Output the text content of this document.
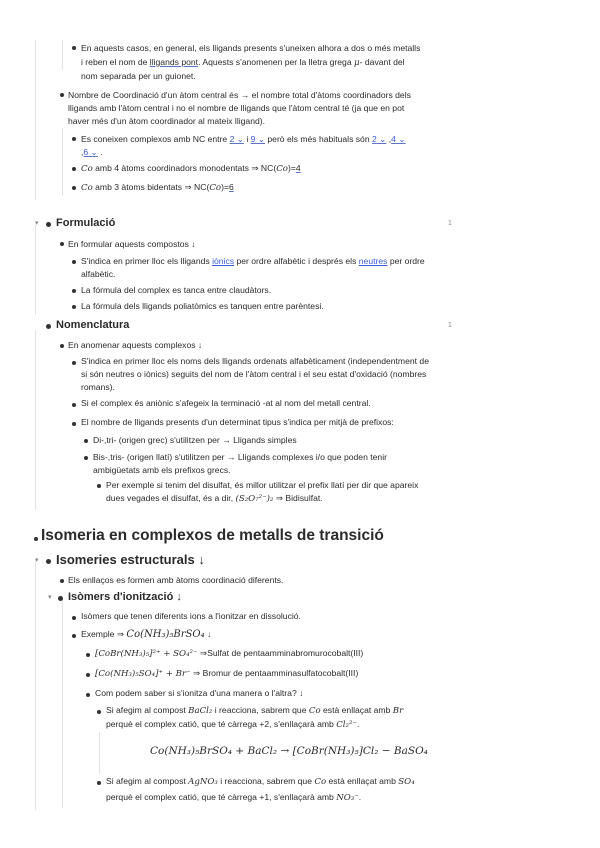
En aquests casos, en general, els lligands presents s'uneixen alhora a dos o més metalls
i reben el nom de lligands pont. Aquests s'anomenen per la lletra grega μ- davant del
nom separada per un guionet.
Nombre de Coordinació d'un àtom central és → el nombre total d'àtoms coordinadors dels
lligands amb l'àtom central i no el nombre de lligands que l'àtom central té (ja que en pot
haver més d'un àtom coordinador al mateix lligand).
Es coneixen complexos amb NC entre 2 ⌄ i 9 ⌄ però els més habituals són 2 ⌄ ,4 ⌄
,6 ⌄ .
Co amb 4 àtoms coordinadors monodentats ⇒ NC(Co)=4
Co amb 3 àtoms bidentats ⇒ NC(Co)=6
▾ Formulació	1
En formular aquests compostos ↓
S'indica en primer lloc els lligands iònics per ordre alfabètic i després els neutres per ordre
alfabètic.
La fórmula del complex es tanca entre claudàtors.
La fórmula dels lligands poliatòmics es tanquen entre parèntesi.
Nomenclatura	1
En anomenar aquests complexos ↓
S'indica en primer lloc els noms dels lligands ordenats alfabèticament (independentment de
si són neutres o iònics) seguits del nom de l'àtom central i el seu estat d'oxidació (nombres
romans).
Si el complex és aniònic s'afegeix la terminació -at al nom del metall central.
El nombre de lligands presents d'un determinat tipus s'indica per mitjà de prefixos:
Di-,tri- (origen grec) s'utilitzen per → Lligands simples
Bis-,tris- (origen llatí) s'utilitzen per → Lligands complexes i/o que poden tenir
ambigüetats amb els prefixos grecs.
Per exemple si tenim del disulfat, és millor utilitzar el prefix llatí per dir que apareix
dues vegades el disulfat, és a dir, (S₂O₇²⁻)₂ ⇒ Bidisulfat.
Isomeria en complexos de metalls de transició
▾ Isomeries estructurals ↓
Els enllaços es formen amb àtoms coordinació diferents.
▾ Isòmers d'ionització ↓
Isòmers que tenen diferents ions a l'ionitzar en dissolució.
Exemple ⇒ Co(NH₃)₅BrSO₄ ↓
[CoBr(NH₃)₅]²⁺ + SO₄²⁻ ⇒Sulfat de pentaamminabromurocobalt(III)
[Co(NH₃)₅SO₄]⁺ + Br⁻ ⇒ Bromur de pentaamminasulfatocobalt(III)
Com podem saber si s'ionitza d'una manera o l'altra? ↓
Si afegim al compost BaCl₂ i reacciona, sabrem que Co està enllaçat amb Br
perquè el complex catió, que té càrrega +2, s'enllaçarà amb Cl₂²⁻.
Co(NH₃)₅BrSO₄ + BaCl₂ → [CoBr(NH₃)₅]Cl₂ − BaSO₄
Si afegim al compost AgNO₃ i reacciona, sabrem que Co està enllaçat amb SO₄
perquè el complex catió, que té càrrega +1, s'enllaçarà amb NO₃⁻.
